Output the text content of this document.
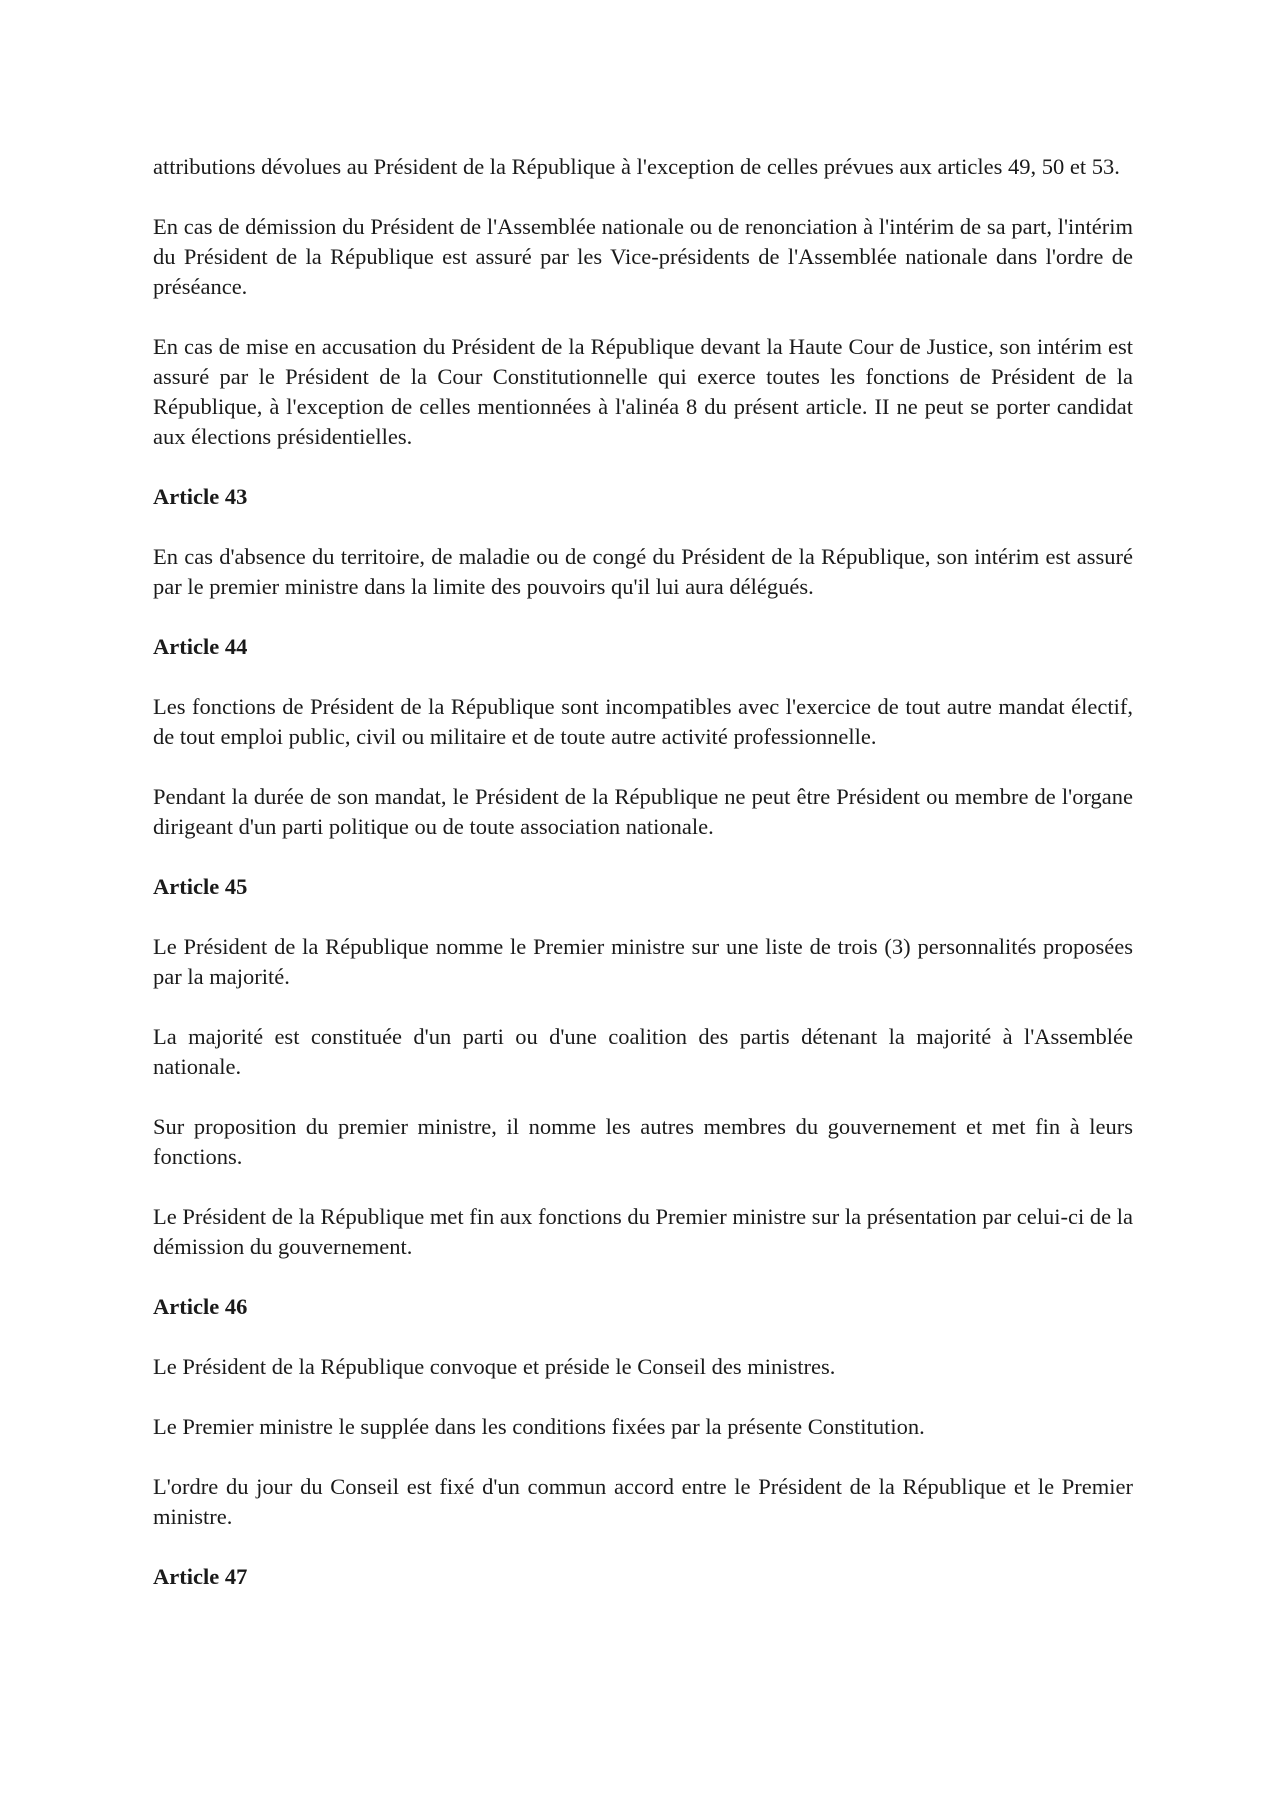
attributions dévolues au Président de la République à l'exception de celles prévues aux articles 49, 50 et 53.

En cas de démission du Président de l'Assemblée nationale ou de renonciation à l'intérim de sa part, l'intérim du Président de la République est assuré par les Vice-présidents de l'Assemblée nationale dans l'ordre de préséance.

En cas de mise en accusation du Président de la République devant la Haute Cour de Justice, son intérim est assuré par le Président de la Cour Constitutionnelle qui exerce toutes les fonctions de Président de la République, à l'exception de celles mentionnées à l'alinéa 8 du présent article. II ne peut se porter candidat aux élections présidentielles.

Article 43

En cas d'absence du territoire, de maladie ou de congé du Président de la République, son intérim est assuré par le premier ministre dans la limite des pouvoirs qu'il lui aura délégués.

Article 44

Les fonctions de Président de la République sont incompatibles avec l'exercice de tout autre mandat électif, de tout emploi public, civil ou militaire et de toute autre activité professionnelle.

Pendant la durée de son mandat, le Président de la République ne peut être Président ou membre de l'organe dirigeant d'un parti politique ou de toute association nationale.

Article 45

Le Président de la République nomme le Premier ministre sur une liste de trois (3) personnalités proposées par la majorité.

La majorité est constituée d'un parti ou d'une coalition des partis détenant la majorité à l'Assemblée nationale.

Sur proposition du premier ministre, il nomme les autres membres du gouvernement et met fin à leurs fonctions.

Le Président de la République met fin aux fonctions du Premier ministre sur la présentation par celui-ci de la démission du gouvernement.

Article 46

Le Président de la République convoque et préside le Conseil des ministres.

Le Premier ministre le supplée dans les conditions fixées par la présente Constitution.

L'ordre du jour du Conseil est fixé d'un commun accord entre le Président de la République et le Premier ministre.

Article 47
